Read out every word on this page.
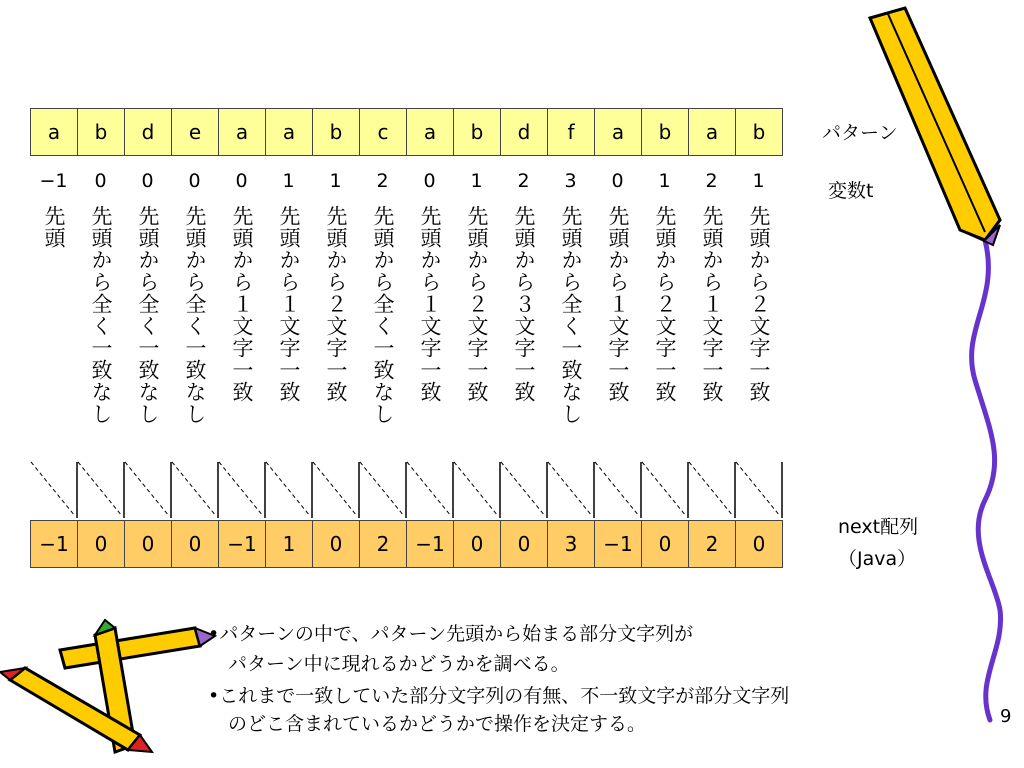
a	b	d	e	a	a	b	c	a	b	d	f	a	b	a	b	パターン
−1	0	0	0	0	1	1	2	0	1	2	3	0	1	2	1	変数t
先頭 先頭から全く一致なし 先頭から全く一致なし 先頭から全く一致なし 先頭から１文字一致 先頭から１文字一致 先頭から２文字一致 先頭から全く一致なし 先頭から１文字一致 先頭から２文字一致 先頭から３文字一致 先頭から全く一致なし 先頭から１文字一致 先頭から２文字一致 先頭から１文字一致 先頭から２文字一致
−1	0	0	0	−1	1	0	2	−1	0	0	3	−1	0	2	0
next配列
（Java）
•パターンの中で、パターン先頭から始まる部分文字列が
パターン中に現れるかどうかを調べる。
•これまで一致していた部分文字列の有無、不一致文字が部分文字列
のどこ含まれているかどうかで操作を決定する。	9
